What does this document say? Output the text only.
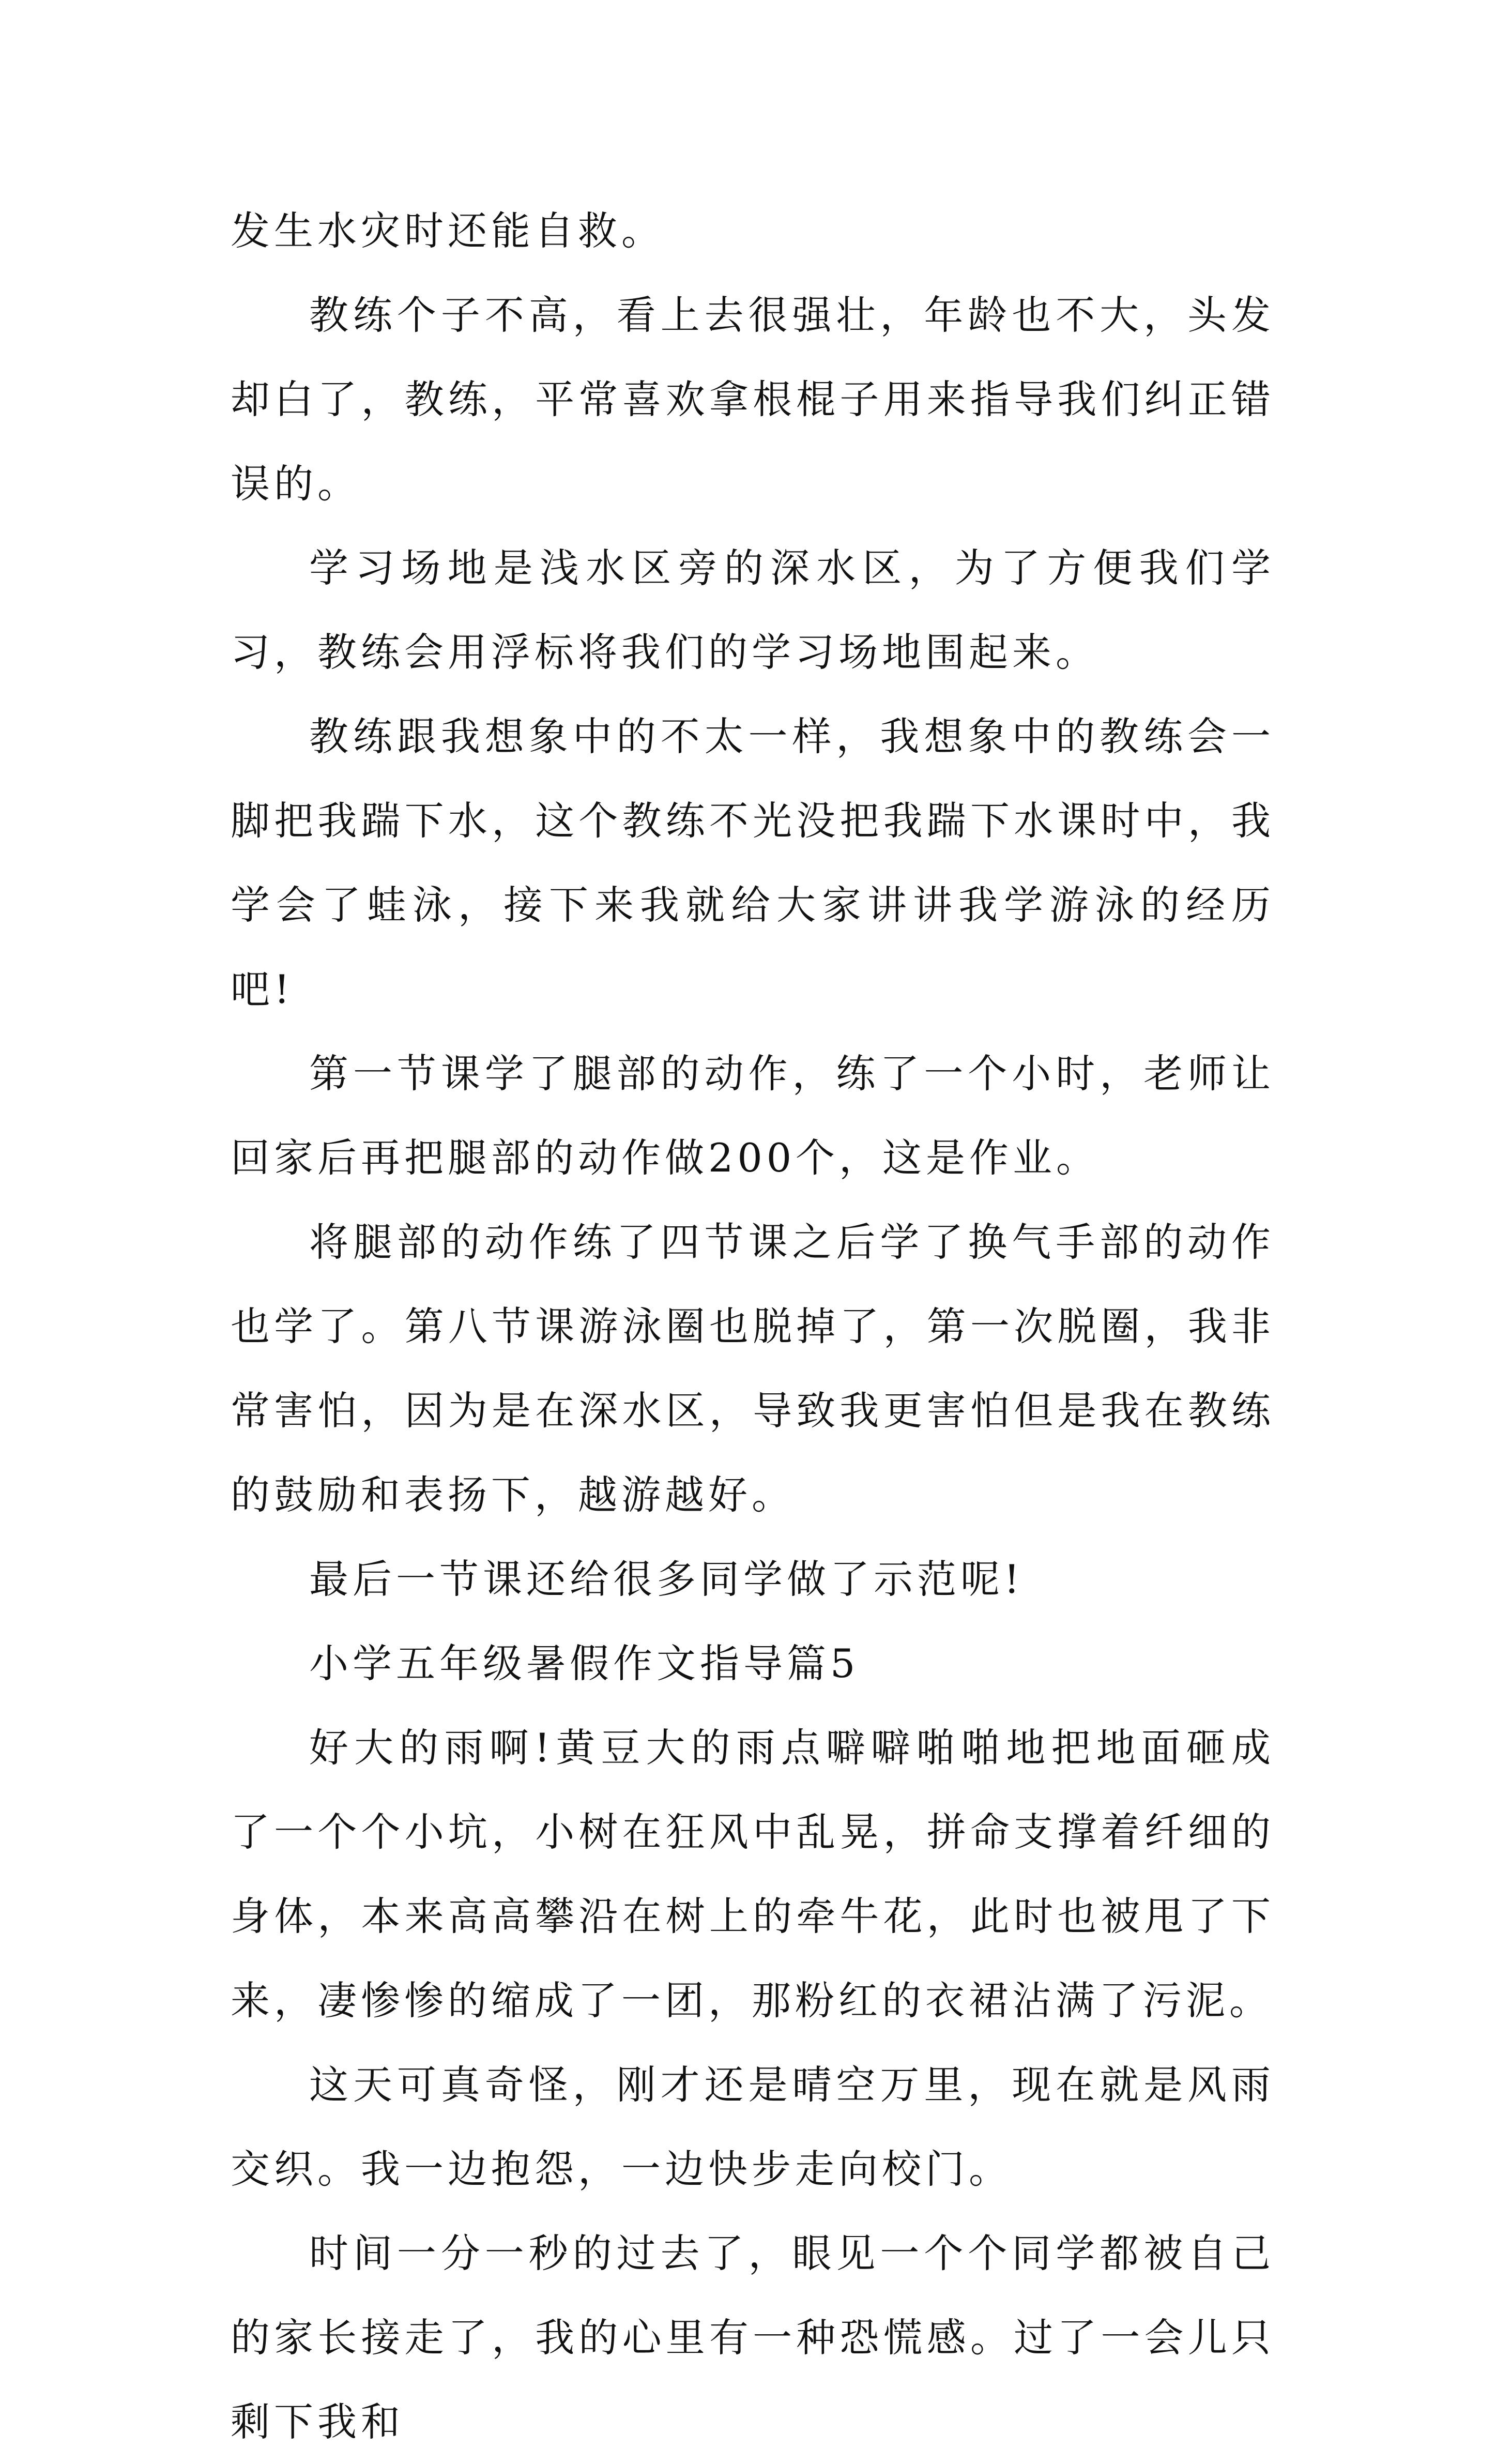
发生水灾时还能自救。

教练个子不高，看上去很强壮，年龄也不大，头发却白了，教练，平常喜欢拿根棍子用来指导我们纠正错误的。

学习场地是浅水区旁的深水区，为了方便我们学习，教练会用浮标将我们的学习场地围起来。

教练跟我想象中的不太一样，我想象中的教练会一脚把我踹下水，这个教练不光没把我踹下水课时中，我学会了蛙泳，接下来我就给大家讲讲我学游泳的经历吧!

第一节课学了腿部的动作，练了一个小时，老师让回家后再把腿部的动作做200个，这是作业。

将腿部的动作练了四节课之后学了换气手部的动作也学了。第八节课游泳圈也脱掉了，第一次脱圈，我非常害怕，因为是在深水区，导致我更害怕但是我在教练的鼓励和表扬下，越游越好。

最后一节课还给很多同学做了示范呢!

小学五年级暑假作文指导篇5

好大的雨啊!黄豆大的雨点噼噼啪啪地把地面砸成了一个个小坑，小树在狂风中乱晃，拼命支撑着纤细的身体，本来高高攀沿在树上的牵牛花，此时也被甩了下来，凄惨惨的缩成了一团，那粉红的衣裙沾满了污泥。

这天可真奇怪，刚才还是晴空万里，现在就是风雨交织。我一边抱怨，一边快步走向校门。

时间一分一秒的过去了，眼见一个个同学都被自己的家长接走了，我的心里有一种恐慌感。过了一会儿只剩下我和
